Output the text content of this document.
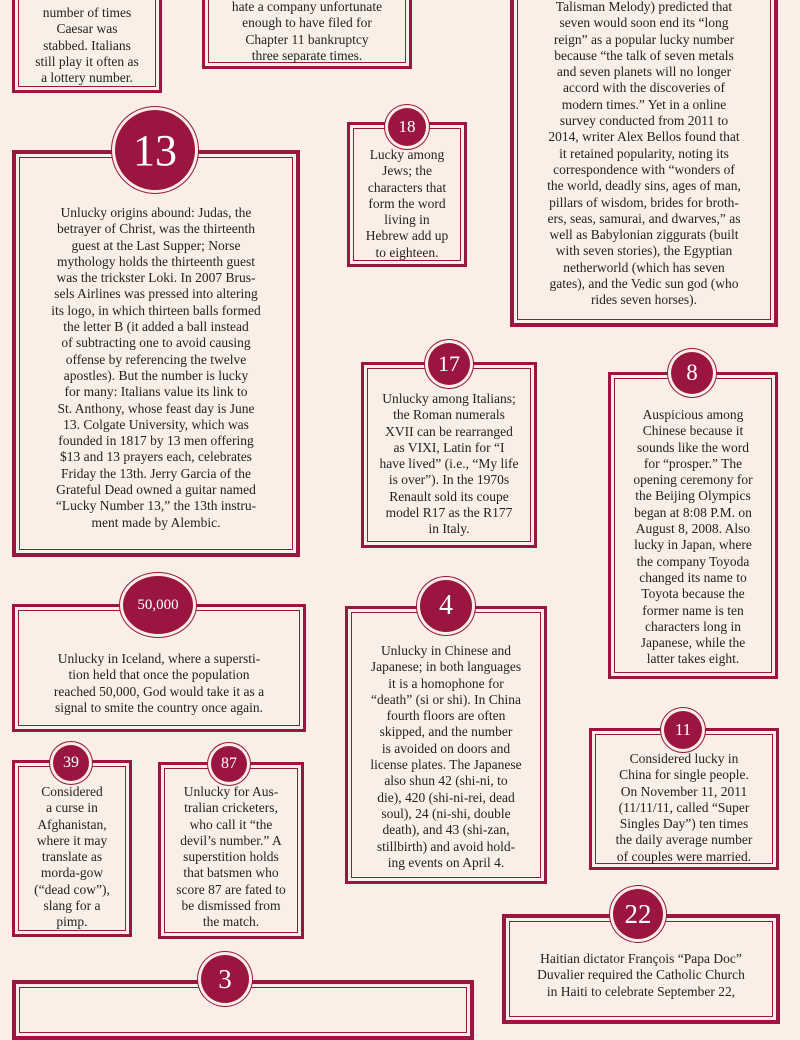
number of times
Caesar was
stabbed. Italians
still play it often as
a lottery number.
hate a company unfortunate
enough to have filed for
Chapter 11 bankruptcy
three separate times.
Talisman Melody) predicted that
seven would soon end its “long
reign” as a popular lucky number
because “the talk of seven metals
and seven planets will no longer
accord with the discoveries of
modern times.” Yet in a online
survey conducted from 2011 to
2014, writer Alex Bellos found that
it retained popularity, noting its
correspondence with “wonders of
the world, deadly sins, ages of man,
pillars of wisdom, brides for broth-
ers, seas, samurai, and dwarves,” as
well as Babylonian ziggurats (built
with seven stories), the Egyptian
netherworld (which has seven
gates), and the Vedic sun god (who
rides seven horses).
Unlucky origins abound: Judas, the
betrayer of Christ, was the thirteenth
guest at the Last Supper; Norse
mythology holds the thirteenth guest
was the trickster Loki. In 2007 Brus-
sels Airlines was pressed into altering
its logo, in which thirteen balls formed
the letter B (it added a ball instead
of subtracting one to avoid causing
offense by referencing the twelve
apostles). But the number is lucky
for many: Italians value its link to
St. Anthony, whose feast day is June
13. Colgate University, which was
founded in 1817 by 13 men offering
$13 and 13 prayers each, celebrates
Friday the 13th. Jerry Garcia of the
Grateful Dead owned a guitar named
“Lucky Number 13,” the 13th instru-
ment made by Alembic.
13	Lucky among
Jews; the
characters that
form the word
living in
Hebrew add up
to eighteen.
18
Unlucky among Italians;
the Roman numerals
XVII can be rearranged
as VIXI, Latin for “I
have lived” (i.e., “My life
is over”). In the 1970s
Renault sold its coupe
model R17 as the R177
in Italy.
17
Auspicious among
Chinese because it
sounds like the word
for “prosper.” The
opening ceremony for
the Beijing Olympics
began at 8:08 P.M. on
August 8, 2008. Also
lucky in Japan, where
the company Toyoda
changed its name to
Toyota because the
former name is ten
characters long in
Japanese, while the
latter takes eight.
8
Unlucky in Iceland, where a supersti-
tion held that once the population
reached 50,000, God would take it as a
signal to smite the country once again.
50,000
Unlucky in Chinese and
Japanese; in both languages
it is a homophone for
“death” (si or shi). In China
fourth floors are often
skipped, and the number
is avoided on doors and
license plates. The Japanese
also shun 42 (shi-ni, to
die), 420 (shi-ni-rei, dead
soul), 24 (ni-shi, double
death), and 43 (shi-zan,
stillbirth) and avoid hold-
ing events on April 4.
4
Considered lucky in
China for single people.
On November 11, 2011
(11/11/11, called “Super
Singles Day”) ten times
the daily average number
of couples were married.
11
Considered
a curse in
Afghanistan,
where it may
translate as
morda-gow
(“dead cow”),
slang for a
pimp.
39
Unlucky for Aus-
tralian cricketers,
who call it “the
devil’s number.” A
superstition holds
that batsmen who
score 87 are fated to
be dismissed from
the match.
87
Haitian dictator François “Papa Doc”
Duvalier required the Catholic Church
in Haiti to celebrate September 22,
22
3
